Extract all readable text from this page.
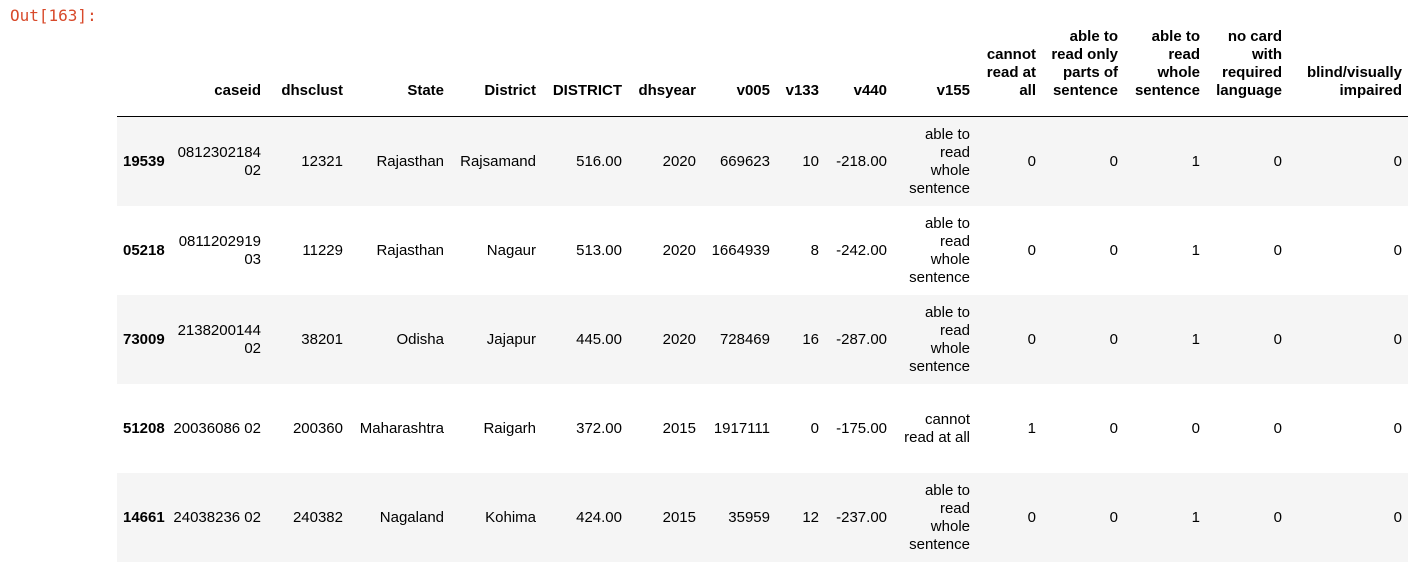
Out[163]:
	caseid	dhsclust	State	District	DISTRICT	dhsyear	v005	v133	v440	v155	cannot read at all	able to read only parts of sentence	able to read whole sentence	no card with required language	blind/visually impaired
19539	0812302184 02	12321	Rajasthan	Rajsamand	516.00	2020	669623	10	-218.00	able to read whole sentence	0	0	1	0	0
05218	0811202919 03	11229	Rajasthan	Nagaur	513.00	2020	1664939	8	-242.00	able to read whole sentence	0	0	1	0	0
73009	2138200144 02	38201	Odisha	Jajapur	445.00	2020	728469	16	-287.00	able to read whole sentence	0	0	1	0	0
51208	20036086 02	200360	Maharashtra	Raigarh	372.00	2015	1917111	0	-175.00	cannot read at all	1	0	0	0	0
14661	24038236 02	240382	Nagaland	Kohima	424.00	2015	35959	12	-237.00	able to read whole sentence	0	0	1	0	0
